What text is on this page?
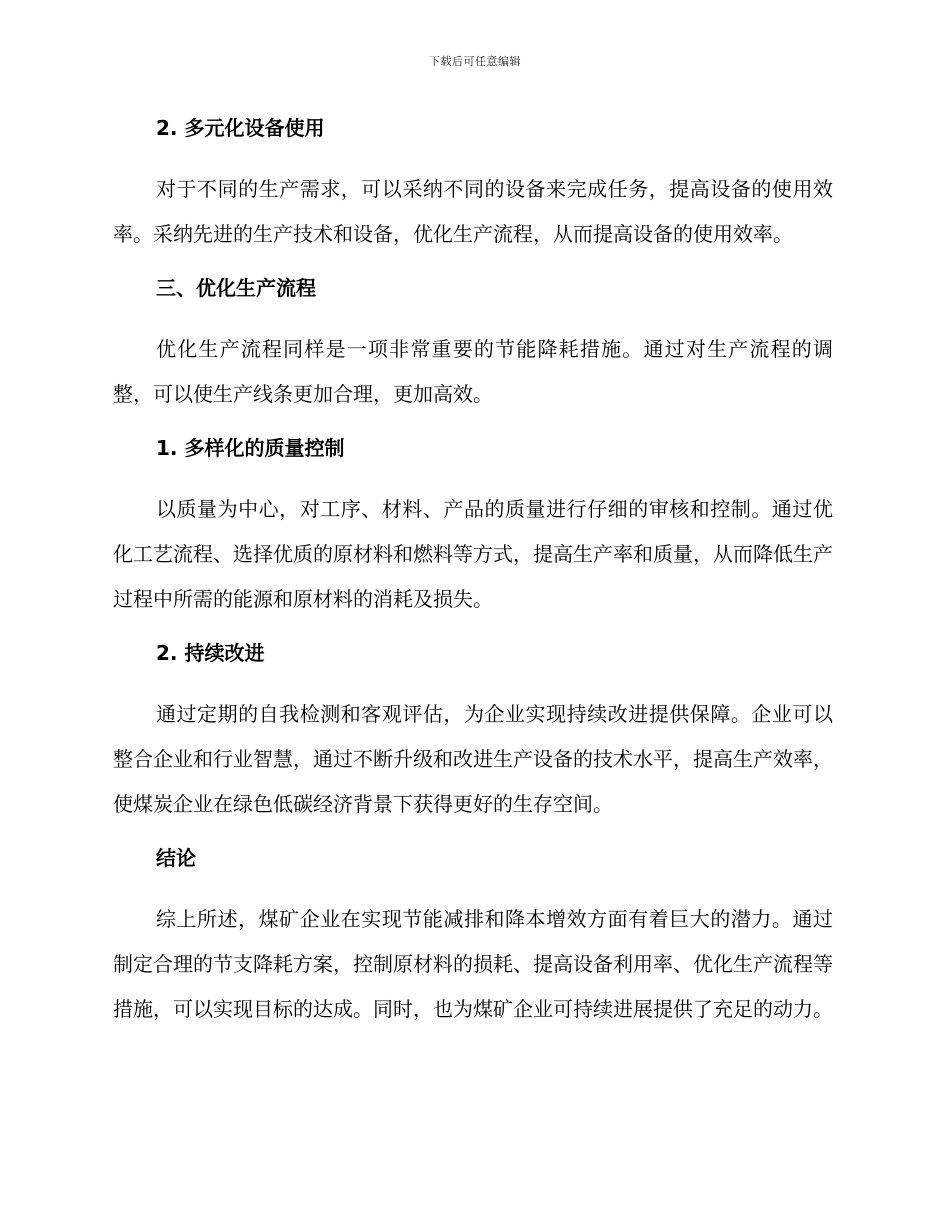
下载后可任意编辑
2. 多元化设备使用

对于不同的生产需求，可以采纳不同的设备来完成任务，提高设备的使用效率。采纳先进的生产技术和设备，优化生产流程，从而提高设备的使用效率。

三、优化生产流程

优化生产流程同样是一项非常重要的节能降耗措施。通过对生产流程的调整，可以使生产线条更加合理，更加高效。

1. 多样化的质量控制

以质量为中心，对工序、材料、产品的质量进行仔细的审核和控制。通过优化工艺流程、选择优质的原材料和燃料等方式，提高生产率和质量，从而降低生产过程中所需的能源和原材料的消耗及损失。

2. 持续改进

通过定期的自我检测和客观评估，为企业实现持续改进提供保障。企业可以整合企业和行业智慧，通过不断升级和改进生产设备的技术水平，提高生产效率，使煤炭企业在绿色低碳经济背景下获得更好的生存空间。

结论

综上所述，煤矿企业在实现节能减排和降本增效方面有着巨大的潜力。通过制定合理的节支降耗方案，控制原材料的损耗、提高设备利用率、优化生产流程等措施，可以实现目标的达成。同时，也为煤矿企业可持续进展提供了充足的动力。
